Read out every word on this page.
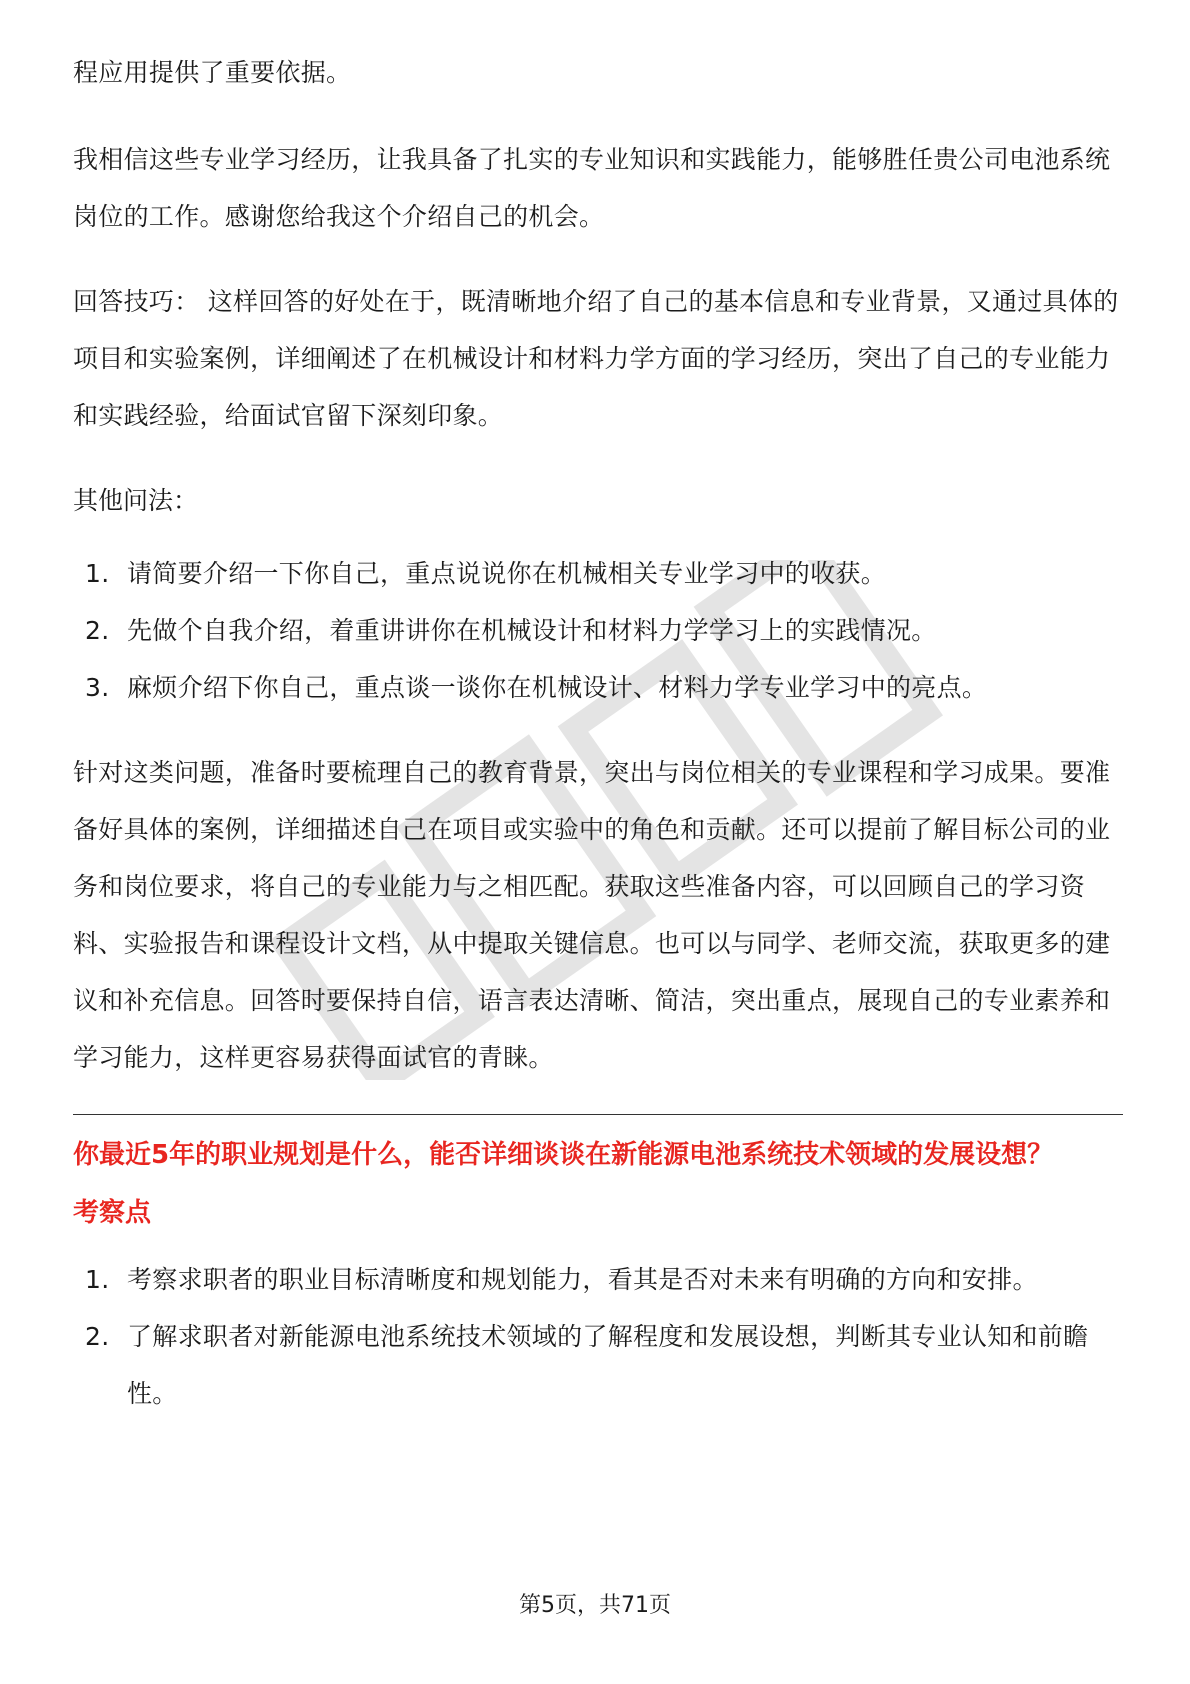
程应用提供了重要依据。

我相信这些专业学习经历，让我具备了扎实的专业知识和实践能力，能够胜任贵公司电池系统岗位的工作。感谢您给我这个介绍自己的机会。

回答技巧： 这样回答的好处在于，既清晰地介绍了自己的基本信息和专业背景，又通过具体的项目和实验案例，详细阐述了在机械设计和材料力学方面的学习经历，突出了自己的专业能力和实践经验，给面试官留下深刻印象。

其他问法：

1. 请简要介绍一下你自己，重点说说你在机械相关专业学习中的收获。
2. 先做个自我介绍，着重讲讲你在机械设计和材料力学学习上的实践情况。
3. 麻烦介绍下你自己，重点谈一谈你在机械设计、材料力学专业学习中的亮点。

针对这类问题，准备时要梳理自己的教育背景，突出与岗位相关的专业课程和学习成果。要准备好具体的案例，详细描述自己在项目或实验中的角色和贡献。还可以提前了解目标公司的业务和岗位要求，将自己的专业能力与之相匹配。获取这些准备内容，可以回顾自己的学习资料、实验报告和课程设计文档，从中提取关键信息。也可以与同学、老师交流，获取更多的建议和补充信息。回答时要保持自信，语言表达清晰、简洁，突出重点，展现自己的专业素养和学习能力，这样更容易获得面试官的青睐。

你最近5年的职业规划是什么，能否详细谈谈在新能源电池系统技术领域的发展设想？
考察点
1. 考察求职者的职业目标清晰度和规划能力，看其是否对未来有明确的方向和安排。
2. 了解求职者对新能源电池系统技术领域的了解程度和发展设想，判断其专业认知和前瞻性。
第5页，共71页
